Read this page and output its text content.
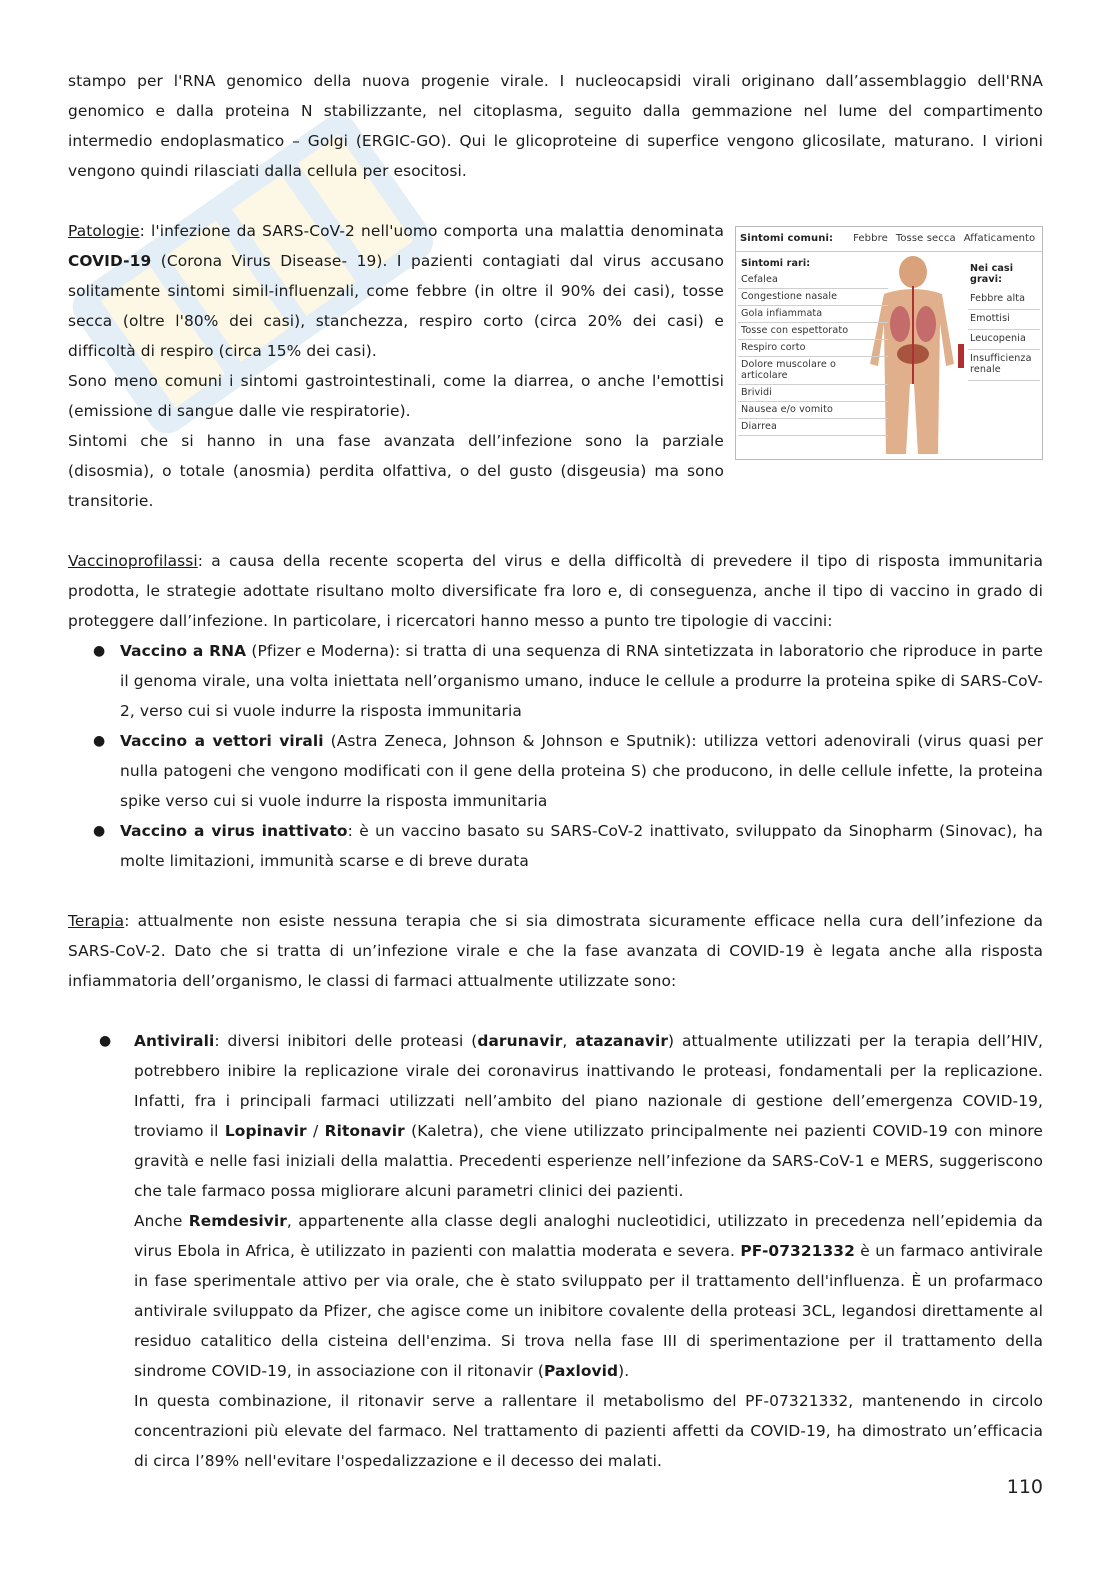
stampo per l'RNA genomico della nuova progenie virale. I nucleocapsidi virali originano dall’assemblaggio dell'RNA genomico e dalla proteina N stabilizzante, nel citoplasma, seguito dalla gemmazione nel lume del compartimento intermedio endoplasmatico – Golgi (ERGIC-GO). Qui le glicoproteine di superfice vengono glicosilate, maturano. I virioni vengono quindi rilasciati dalla cellula per esocitosi.

Patologie: l'infezione da SARS-CoV-2 nell'uomo comporta una malattia denominata COVID-19 (Corona Virus Disease- 19). I pazienti contagiati dal virus accusano solitamente sintomi simil-influenzali, come febbre (in oltre il 90% dei casi), tosse secca (oltre l'80% dei casi), stanchezza, respiro corto (circa 20% dei casi) e difficoltà di respiro (circa 15% dei casi).

Sono meno comuni i sintomi gastrointestinali, come la diarrea, o anche l'emottisi (emissione di sangue dalle vie respiratorie).

Sintomi che si hanno in una fase avanzata dell’infezione sono la parziale (disosmia), o totale (anosmia) perdita olfattiva, o del gusto (disgeusia) ma sono transitorie.

Sintomi comuni: Febbre Tosse secca Affaticamento
Sintomi rari:
Cefalea
Congestione nasale
Gola infiammata
Tosse con espettorato
Respiro corto
Dolore muscolare o articolare
Brividi
Nausea e/o vomito
Diarrea
Nei casi gravi:
Febbre alta
Emottisi
Leucopenia
Insufficienza renale

Vaccinoprofilassi: a causa della recente scoperta del virus e della difficoltà di prevedere il tipo di risposta immunitaria prodotta, le strategie adottate risultano molto diversificate fra loro e, di conseguenza, anche il tipo di vaccino in grado di proteggere dall’infezione. In particolare, i ricercatori hanno messo a punto tre tipologie di vaccini:

● Vaccino a RNA (Pfizer e Moderna): si tratta di una sequenza di RNA sintetizzata in laboratorio che riproduce in parte il genoma virale, una volta iniettata nell’organismo umano, induce le cellule a produrre la proteina spike di SARS-CoV-2, verso cui si vuole indurre la risposta immunitaria
● Vaccino a vettori virali (Astra Zeneca, Johnson & Johnson e Sputnik): utilizza vettori adenovirali (virus quasi per nulla patogeni che vengono modificati con il gene della proteina S) che producono, in delle cellule infette, la proteina spike verso cui si vuole indurre la risposta immunitaria
● Vaccino a virus inattivato: è un vaccino basato su SARS-CoV-2 inattivato, sviluppato da Sinopharm (Sinovac), ha molte limitazioni, immunità scarse e di breve durata

Terapia: attualmente non esiste nessuna terapia che si sia dimostrata sicuramente efficace nella cura dell’infezione da SARS-CoV-2. Dato che si tratta di un’infezione virale e che la fase avanzata di COVID-19 è legata anche alla risposta infiammatoria dell’organismo, le classi di farmaci attualmente utilizzate sono:

● Antivirali: diversi inibitori delle proteasi (darunavir, atazanavir) attualmente utilizzati per la terapia dell’HIV, potrebbero inibire la replicazione virale dei coronavirus inattivando le proteasi, fondamentali per la replicazione. Infatti, fra i principali farmaci utilizzati nell’ambito del piano nazionale di gestione dell’emergenza COVID-19, troviamo il Lopinavir / Ritonavir (Kaletra), che viene utilizzato principalmente nei pazienti COVID-19 con minore gravità e nelle fasi iniziali della malattia. Precedenti esperienze nell’infezione da SARS-CoV-1 e MERS, suggeriscono che tale farmaco possa migliorare alcuni parametri clinici dei pazienti.
Anche Remdesivir, appartenente alla classe degli analoghi nucleotidici, utilizzato in precedenza nell’epidemia da virus Ebola in Africa, è utilizzato in pazienti con malattia moderata e severa. PF-07321332 è un farmaco antivirale in fase sperimentale attivo per via orale, che è stato sviluppato per il trattamento dell'influenza. È un profarmaco antivirale sviluppato da Pfizer, che agisce come un inibitore covalente della proteasi 3CL, legandosi direttamente al residuo catalitico della cisteina dell'enzima. Si trova nella fase III di sperimentazione per il trattamento della sindrome COVID-19, in associazione con il ritonavir (Paxlovid).
In questa combinazione, il ritonavir serve a rallentare il metabolismo del PF-07321332, mantenendo in circolo concentrazioni più elevate del farmaco. Nel trattamento di pazienti affetti da COVID-19, ha dimostrato un’efficacia di circa l’89% nell'evitare l'ospedalizzazione e il decesso dei malati.
110
